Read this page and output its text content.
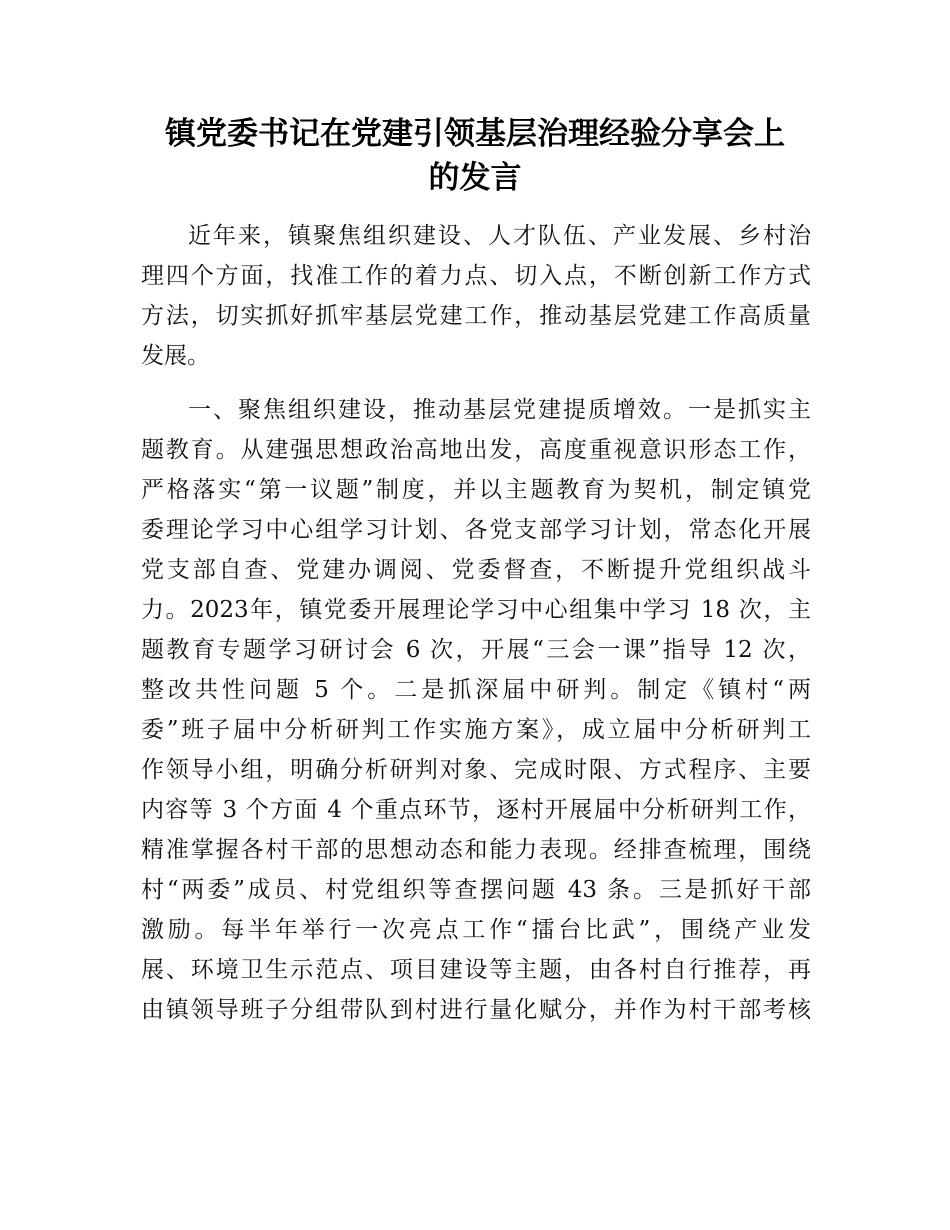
镇党委书记在党建引领基层治理经验分享会上
的发言
近年来，镇聚焦组织建设、人才队伍、产业发展、乡村治
理四个方面，找准工作的着力点、切入点，不断创新工作方式
方法，切实抓好抓牢基层党建工作，推动基层党建工作高质量
发展。
一、聚焦组织建设，推动基层党建提质增效。一是抓实主
题教育。从建强思想政治高地出发，高度重视意识形态工作，
严格落实“第一议题”制度，并以主题教育为契机，制定镇党
委理论学习中心组学习计划、各党支部学习计划，常态化开展
党支部自查、党建办调阅、党委督查，不断提升党组织战斗
力。2023年，镇党委开展理论学习中心组集中学习 18 次，主
题教育专题学习研讨会 6 次，开展“三会一课”指导 12 次，
整改共性问题 5 个。二是抓深届中研判。制定《镇村“两
委”班子届中分析研判工作实施方案》，成立届中分析研判工
作领导小组，明确分析研判对象、完成时限、方式程序、主要
内容等 3 个方面 4 个重点环节，逐村开展届中分析研判工作，
精准掌握各村干部的思想动态和能力表现。经排查梳理，围绕
村“两委”成员、村党组织等查摆问题 43 条。三是抓好干部
激励。每半年举行一次亮点工作“擂台比武”，围绕产业发
展、环境卫生示范点、项目建设等主题，由各村自行推荐，再
由镇领导班子分组带队到村进行量化赋分，并作为村干部考核
